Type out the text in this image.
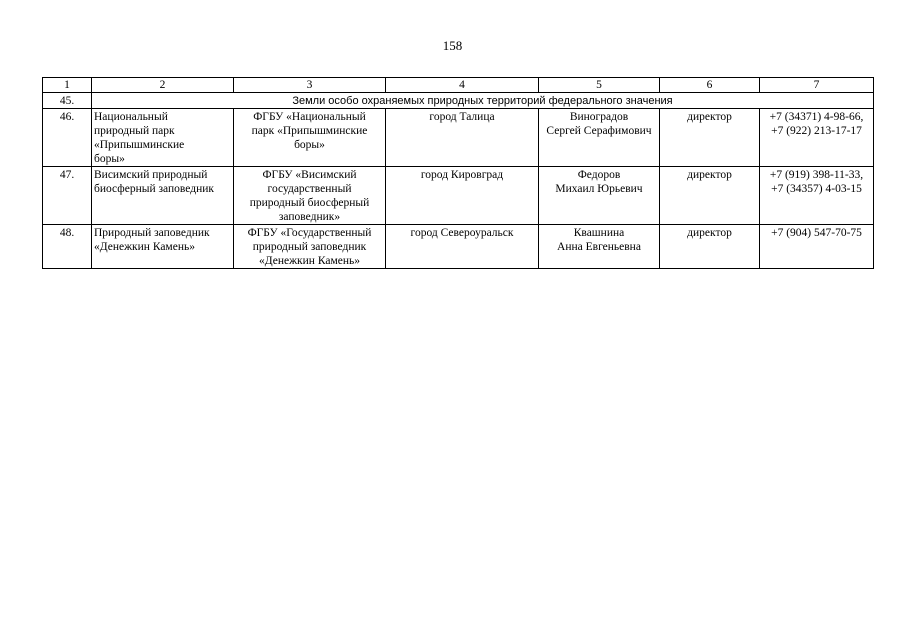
158
1	2	3	4	5	6	7
45.	Земли особо охраняемых природных территорий федерального значения					
46.	Национальный
природный парк
«Припышминские
боры»	ФГБУ «Национальный
парк «Припышминские
боры»	город Талица	Виноградов
Сергей Серафимович	директор	+7 (34371) 4-98-66,
+7 (922) 213-17-17
47.	Висимский природный
биосферный заповедник	ФГБУ «Висимский
государственный
природный биосферный
заповедник»	город Кировград	Федоров
Михаил Юрьевич	директор	+7 (919) 398-11-33,
+7 (34357) 4-03-15
48.	Природный заповедник
«Денежкин Камень»	ФГБУ «Государственный
природный заповедник
«Денежкин Камень»	город Североуральск	Квашнина
Анна Евгеньевна	директор	+7 (904) 547-70-75
